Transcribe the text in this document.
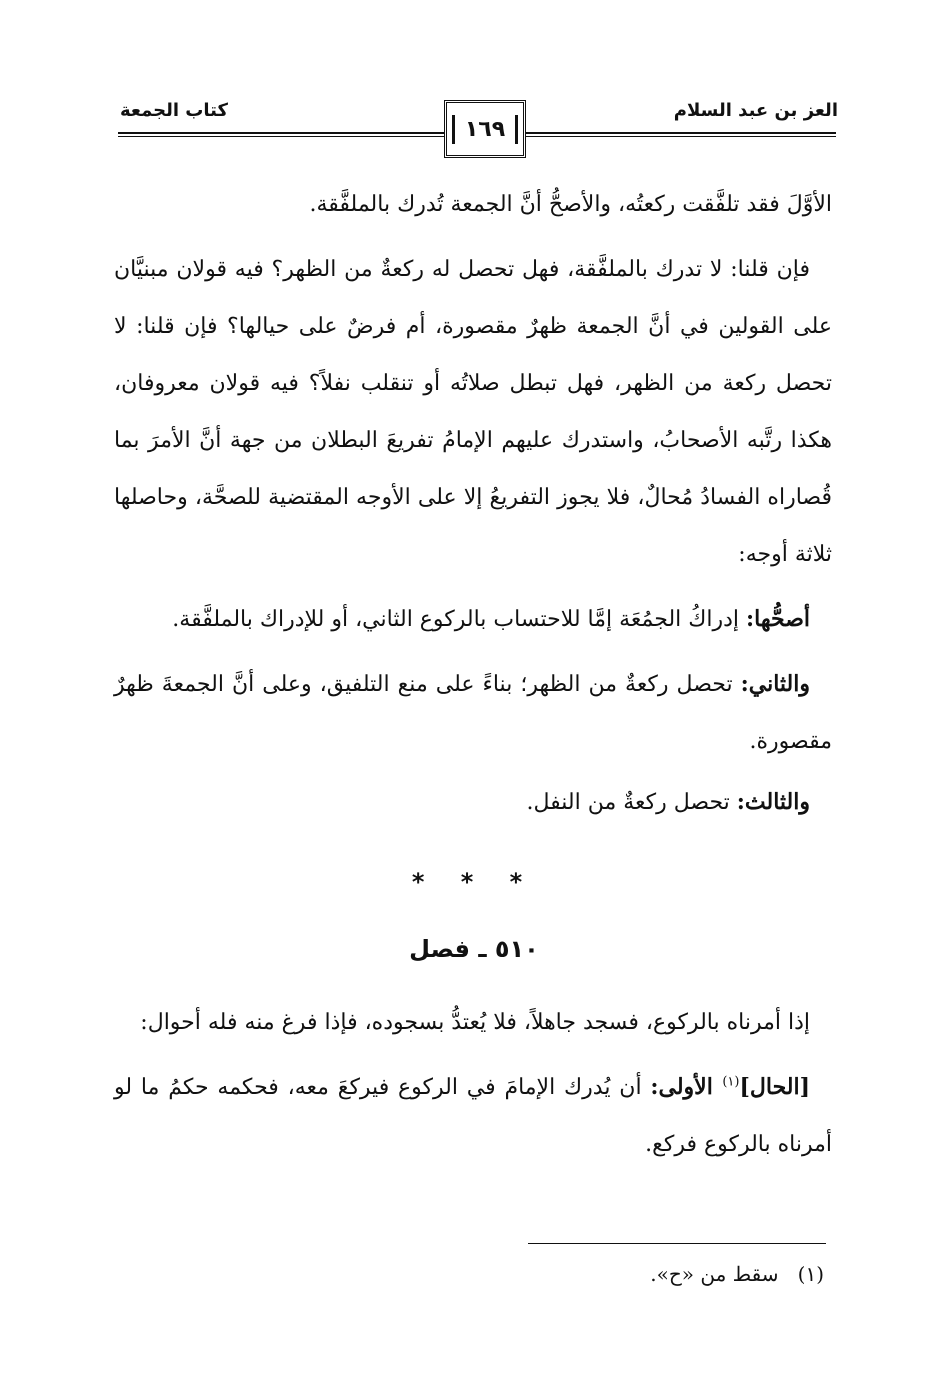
العز بن عبد السلام
كتاب الجمعة
١٦٩

الأوَّلَ فقد تلفَّقت ركعتُه، والأصحُّ أنَّ الجمعة تُدرك بالملفَّقة.

فإن قلنا: لا تدرك بالملفَّقة، فهل تحصل له ركعةٌ من الظهر؟ فيه قولان مبنيَّان على القولين في أنَّ الجمعة ظهرٌ مقصورة، أم فرضٌ على حيالها؟ فإن قلنا: لا تحصل ركعة من الظهر، فهل تبطل صلاتُه أو تنقلب نفلاً؟ فيه قولان معروفان، هكذا رتَّبه الأصحابُ، واستدرك عليهم الإمامُ تفريعَ البطلان من جهة أنَّ الأمرَ بما قُصاراه الفسادُ مُحالٌ، فلا يجوز التفريعُ إلا على الأوجه المقتضية للصحَّة، وحاصلها ثلاثة أوجه:

أصحُّها: إدراكُ الجمُعَة إمَّا للاحتساب بالركوع الثاني، أو للإدراك بالملفَّقة.

والثاني: تحصل ركعةٌ من الظهر؛ بناءً على منع التلفيق، وعلى أنَّ الجمعةَ ظهرٌ مقصورة.

والثالث: تحصل ركعةٌ من النفل.

* * *
٥١٠ ـ فصل

إذا أمرناه بالركوع، فسجد جاهلاً، فلا يُعتدُّ بسجوده، فإذا فرغ منه فله أحوال:

[الحال]$^{(١)}$ الأولى: أن يُدرك الإمامَ في الركوع فيركعَ معه، فحكمه حكمُ ما لو أمرناه بالركوع فركع.

(١)   سقط من «ح».
